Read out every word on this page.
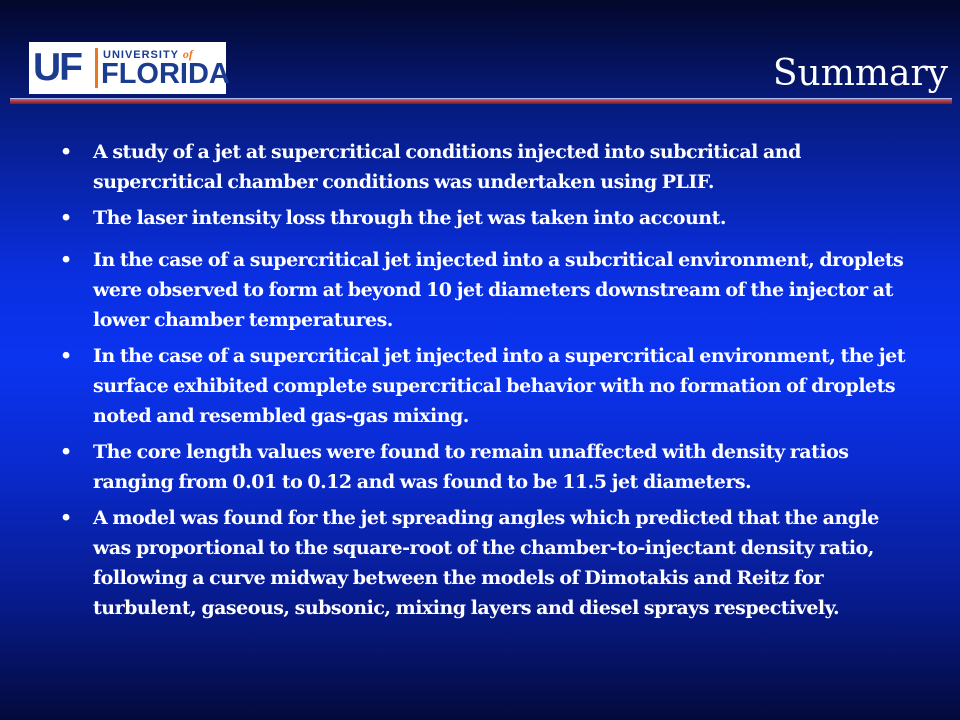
UF UNIVERSITY of
FLORIDA	Summary
• A study of a jet at supercritical conditions injected into subcritical and supercritical chamber conditions was undertaken using PLIF.
• The laser intensity loss through the jet was taken into account.
• In the case of a supercritical jet injected into a subcritical environment, droplets were observed to form at beyond 10 jet diameters downstream of the injector at lower chamber temperatures.
• In the case of a supercritical jet injected into a supercritical environment, the jet surface exhibited complete supercritical behavior with no formation of droplets noted and resembled gas-gas mixing.
• The core length values were found to remain unaffected with density ratios ranging from 0.01 to 0.12 and was found to be 11.5 jet diameters.
• A model was found for the jet spreading angles which predicted that the angle was proportional to the square-root of the chamber-to-injectant density ratio, following a curve midway between the models of Dimotakis and Reitz for turbulent, gaseous, subsonic, mixing layers and diesel sprays respectively.
